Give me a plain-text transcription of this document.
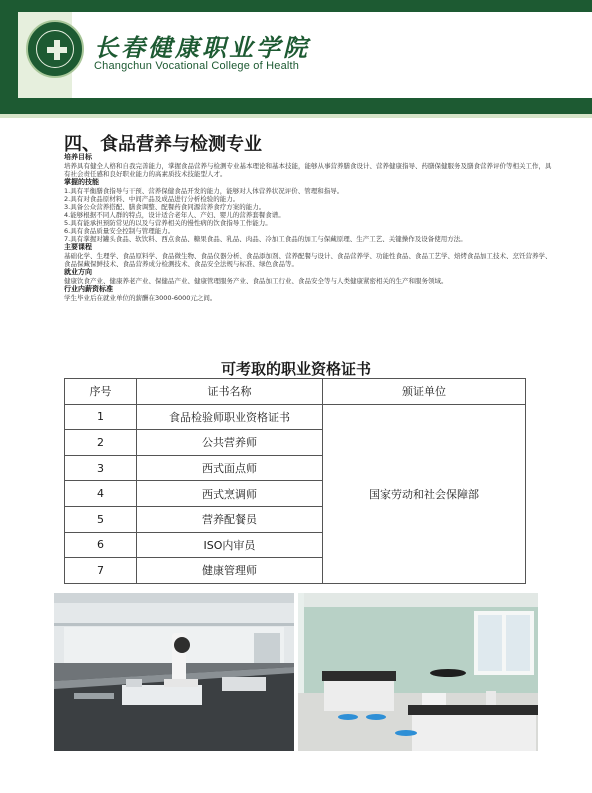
长春健康职业学院
Changchun Vocational College of Health
四、食品营养与检测专业
培养目标
培养具有健全人格和自我完善能力，掌握食品营养与检测专业基本理论和基本技能，能够从事营养膳食设计、营养健康指导、药膳保健服务及膳食营养评价等相关工作，具有社会责任感和良好职业能力的高素质技术技能型人才。
掌握的技能
1.具有平衡膳食指导与干预、营养保健食品开发的能力，能够对人体营养状况评价、管理和指导。
2.具有对食品原材料、中间产品及成品进行分析检验的能力。
3.具备公众营养搭配、膳食调整、配餐药食同源营养食疗方案的能力。
4.能够根据不同人群的特点，设计适合老年人、产妇、婴儿的营养套餐食谱。
5.具有能承担预防常见的以及与营养相关的慢性病的饮食指导工作能力。
6.具有食品质量安全控制与管理能力。
7.具有掌握对罐头食品、软饮料、西点食品、糖果食品、乳品、肉品、冷加工食品的加工与保藏原理、生产工艺、关键操作及设备使用方法。
主要课程
基础化学、生理学、食品原料学、食品微生物、食品仪器分析、食品添加剂、营养配餐与设计、食品营养学、功能性食品、食品工艺学、焙烤食品加工技术、烹饪营养学、食品保藏保鲜技术、食品营养成分检测技术、食品安全法规与标准、绿色食品等。
就业方向
健康饮食产业、健康养老产业、保健品产业、健康管理服务产业、食品加工行业、食品安全等与人类健康紧密相关的生产和服务领域。
行业内薪资标准
学生毕业后在就业单位的薪酬在3000-6000元之间。
可考取的职业资格证书
序号	证书名称	颁证单位
1	食品检验师职业资格证书	国家劳动和社会保障部
2	公共营养师	
3	西式面点师	
4	西式烹调师	
5	营养配餐员	
6	ISO内审员	
7	健康管理师	
